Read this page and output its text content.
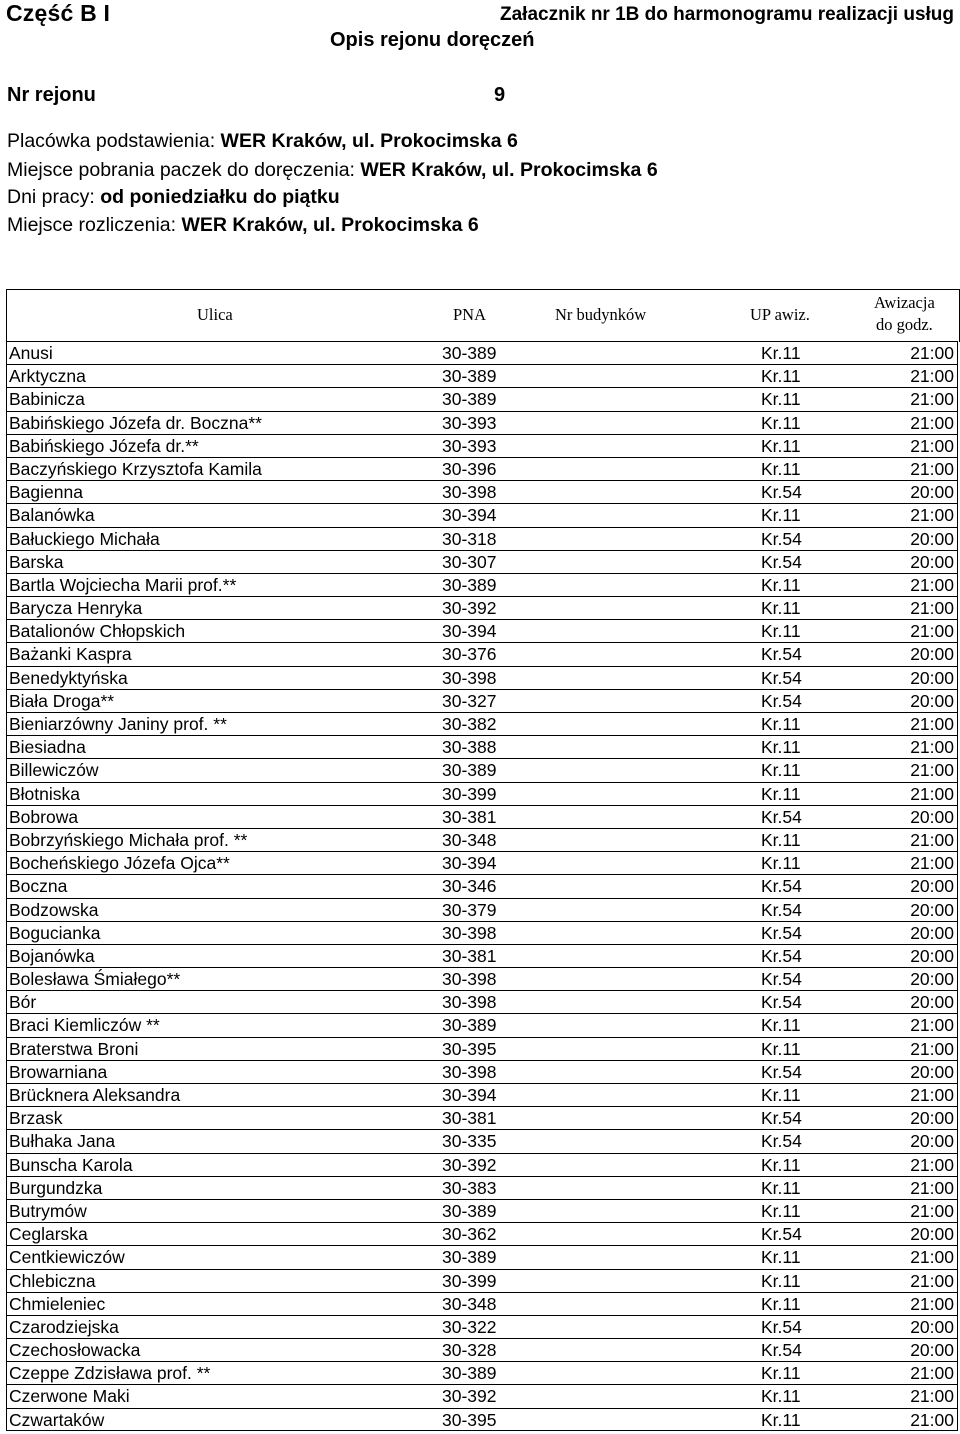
Część B I	Załacznik nr 1B do harmonogramu realizacji usług
Opis rejonu doręczeń
Nr rejonu	9
Placówka podstawienia: WER Kraków, ul. Prokocimska 6
Miejsce pobrania paczek do doręczenia: WER Kraków, ul. Prokocimska 6
Dni pracy: od poniedziałku do piątku
Miejsce rozliczenia: WER Kraków, ul. Prokocimska 6
Ulica	PNA	Nr budynków	UP awiz.
Awizacja
do godz.
Anusi	30-389	Kr.11	21:00
Arktyczna	30-389	Kr.11	21:00
Babinicza	30-389	Kr.11	21:00
Babińskiego Józefa dr. Boczna**	30-393	Kr.11	21:00
Babińskiego Józefa dr.**	30-393	Kr.11	21:00
Baczyńskiego Krzysztofa Kamila	30-396	Kr.11	21:00
Bagienna	30-398	Kr.54	20:00
Balanówka	30-394	Kr.11	21:00
Bałuckiego Michała	30-318	Kr.54	20:00
Barska	30-307	Kr.54	20:00
Bartla Wojciecha Marii prof.**	30-389	Kr.11	21:00
Barycza Henryka	30-392	Kr.11	21:00
Batalionów Chłopskich	30-394	Kr.11	21:00
Bażanki Kaspra	30-376	Kr.54	20:00
Benedyktyńska	30-398	Kr.54	20:00
Biała Droga**	30-327	Kr.54	20:00
Bieniarzówny Janiny prof. **	30-382	Kr.11	21:00
Biesiadna	30-388	Kr.11	21:00
Billewiczów	30-389	Kr.11	21:00
Błotniska	30-399	Kr.11	21:00
Bobrowa	30-381	Kr.54	20:00
Bobrzyńskiego Michała prof. **	30-348	Kr.11	21:00
Bocheńskiego Józefa Ojca**	30-394	Kr.11	21:00
Boczna	30-346	Kr.54	20:00
Bodzowska	30-379	Kr.54	20:00
Bogucianka	30-398	Kr.54	20:00
Bojanówka	30-381	Kr.54	20:00
Bolesława Śmiałego**	30-398	Kr.54	20:00
Bór	30-398	Kr.54	20:00
Braci Kiemliczów **	30-389	Kr.11	21:00
Braterstwa Broni	30-395	Kr.11	21:00
Browarniana	30-398	Kr.54	20:00
Brücknera Aleksandra	30-394	Kr.11	21:00
Brzask	30-381	Kr.54	20:00
Bułhaka Jana	30-335	Kr.54	20:00
Bunscha Karola	30-392	Kr.11	21:00
Burgundzka	30-383	Kr.11	21:00
Butrymów	30-389	Kr.11	21:00
Ceglarska	30-362	Kr.54	20:00
Centkiewiczów	30-389	Kr.11	21:00
Chlebiczna	30-399	Kr.11	21:00
Chmieleniec	30-348	Kr.11	21:00
Czarodziejska	30-322	Kr.54	20:00
Czechosłowacka	30-328	Kr.54	20:00
Czeppe Zdzisława prof. **	30-389	Kr.11	21:00
Czerwone Maki	30-392	Kr.11	21:00
Czwartaków	30-395	Kr.11	21:00
